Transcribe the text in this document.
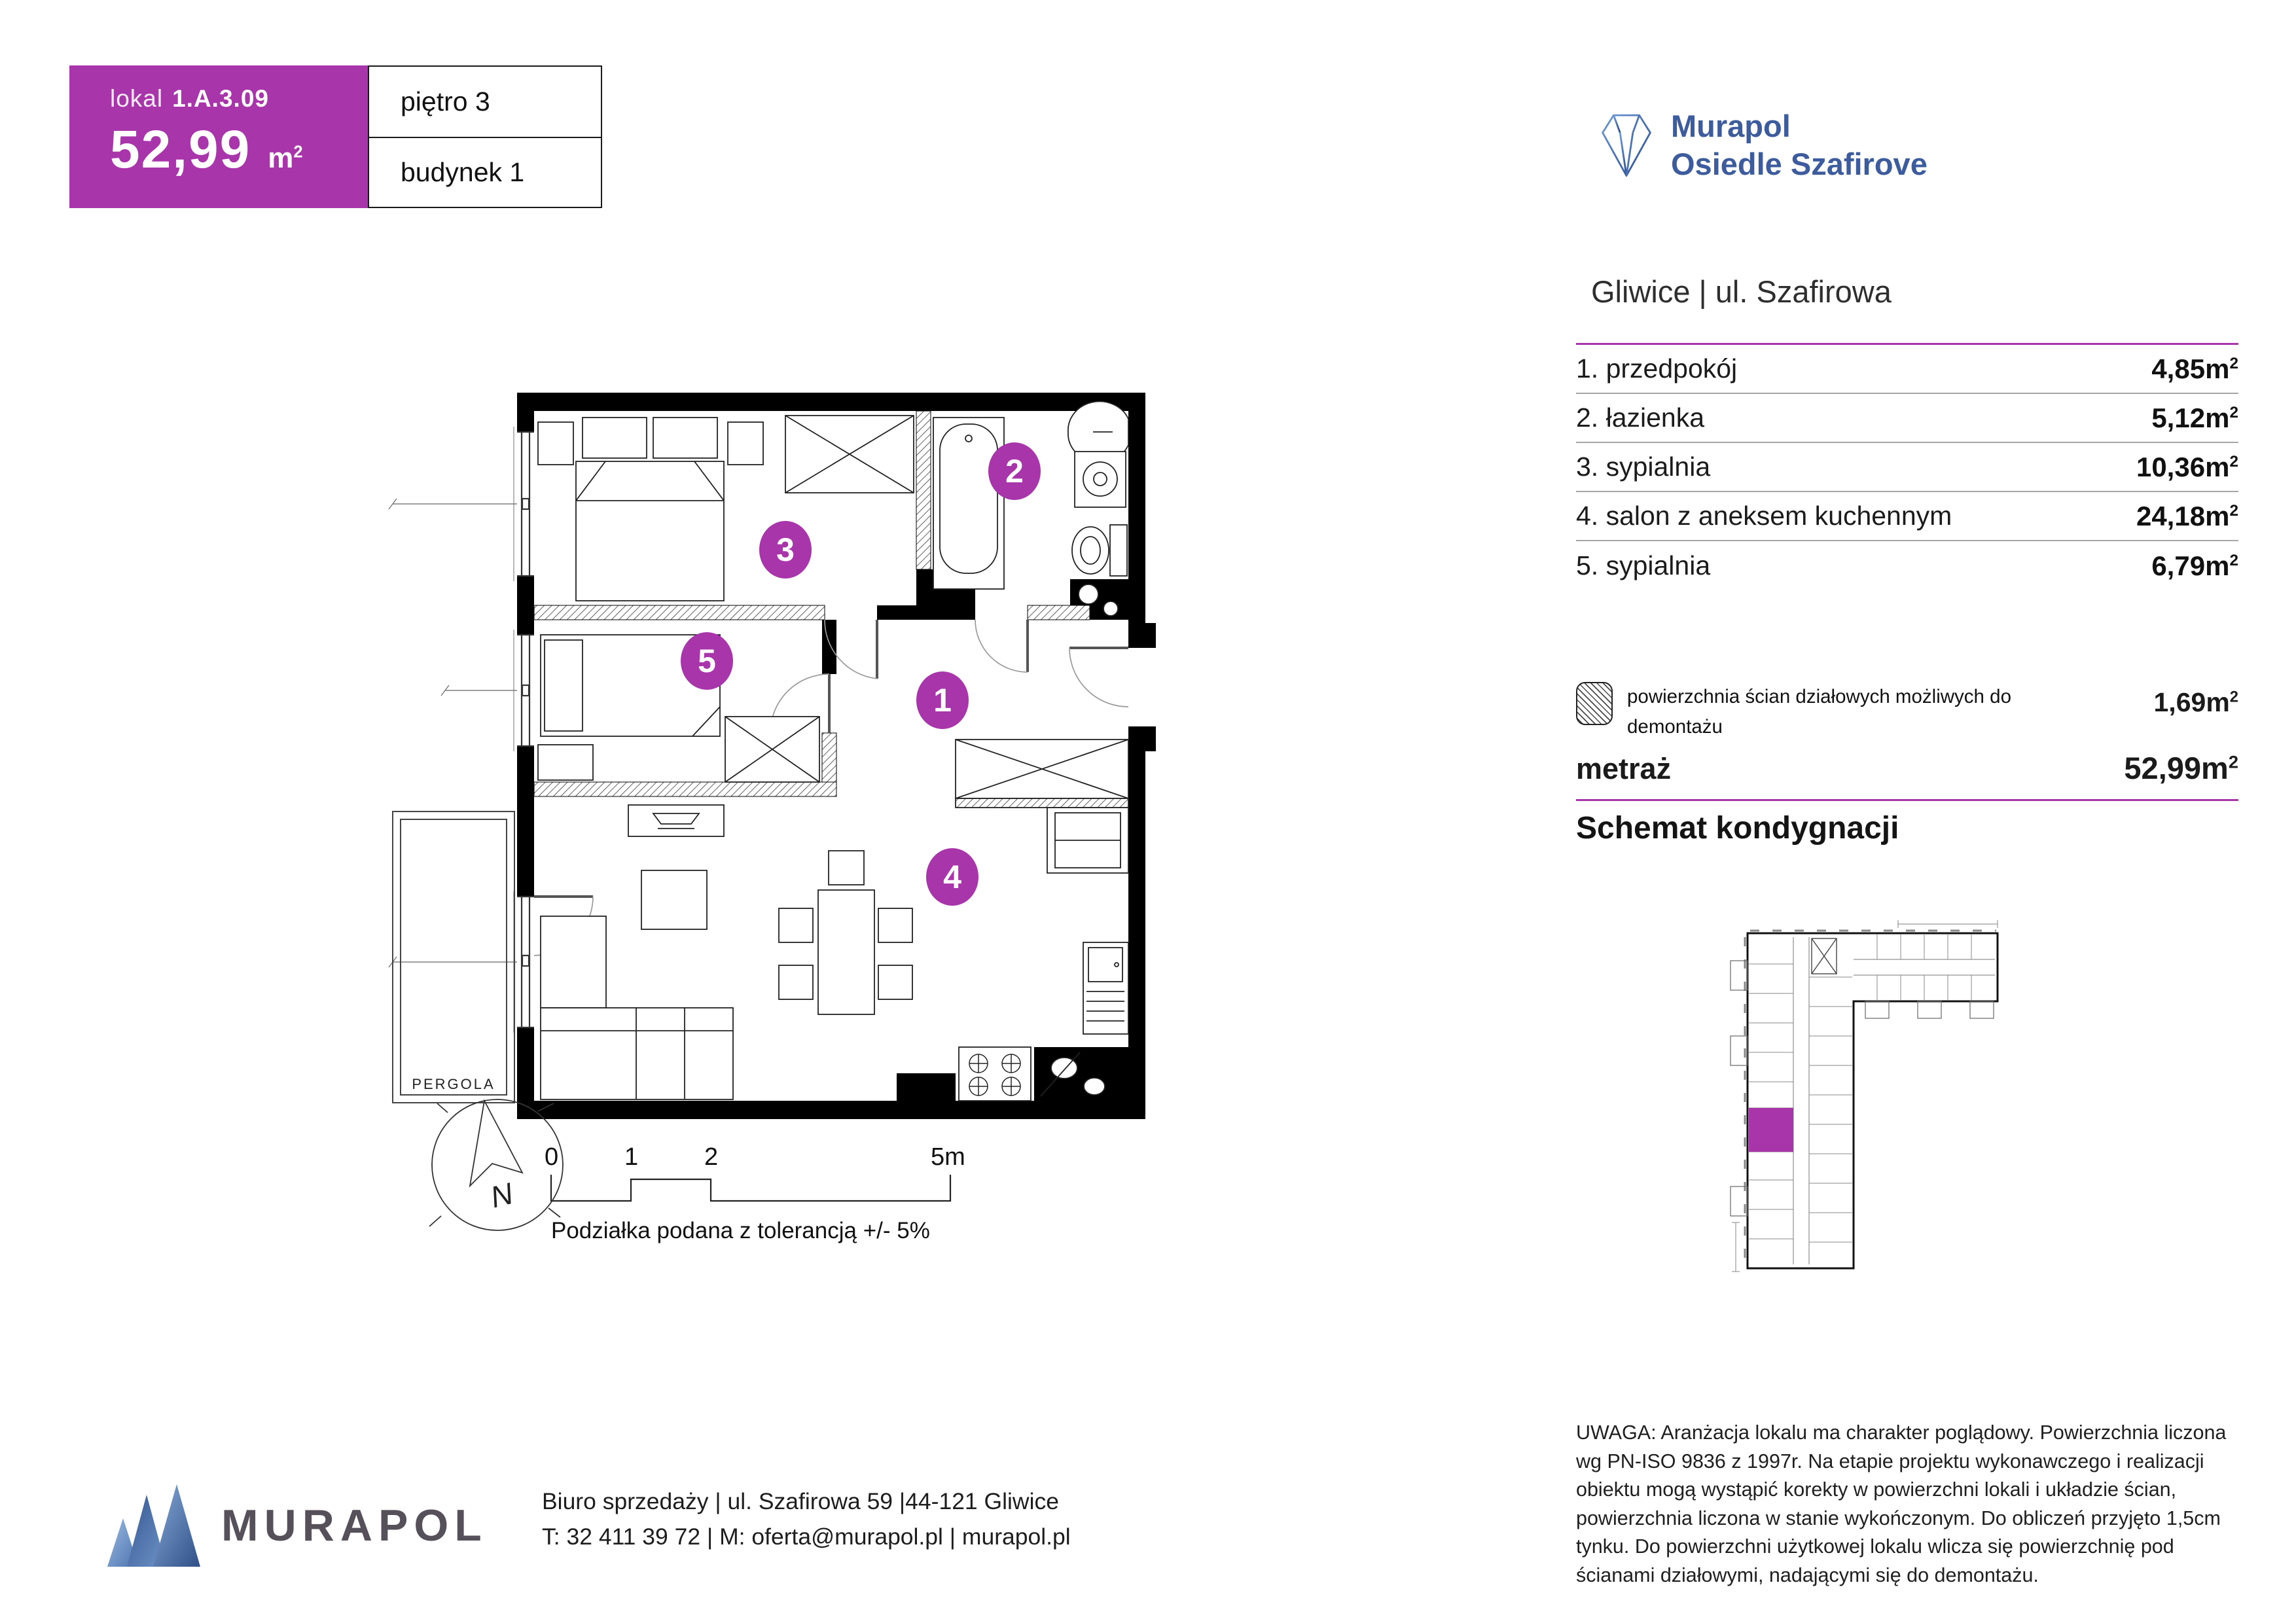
lokal 1.A.3.09
52,99 $m^2$
piętro 3
budynek 1
Murapol
Osiedle Szafirove
Gliwice | ul. Szafirowa
1. przedpokój	$4,85m^2$
2. łazienka	$5,12m^2$
3. sypialnia	$10,36m^2$
4. salon z aneksem kuchennym	$24,18m^2$
5. sypialnia	$6,79m^2$
powierzchnia ścian działowych możliwych do
demontażu
$1,69m^2$
metraż	$52,99m^2$
Schemat kondygnacji
PERGOLA
1
2
3
4
5
0	1	2	5m
Podziałka podana z tolerancją +/- 5%
N
MURAPOL Biuro sprzedaży | ul. Szafirowa 59 |44-121 Gliwice
T: 32 411 39 72 | M: oferta@murapol.pl | murapol.pl
UWAGA: Aranżacja lokalu ma charakter poglądowy. Powierzchnia liczona wg PN-ISO 9836 z 1997r. Na etapie projektu wykonawczego i realizacji obiektu mogą wystąpić korekty w powierzchni lokali i układzie ścian, powierzchnia liczona w stanie wykończonym. Do obliczeń przyjęto 1,5cm tynku. Do powierzchni użytkowej lokalu wlicza się powierzchnię pod ścianami działowymi, nadającymi się do demontażu.
